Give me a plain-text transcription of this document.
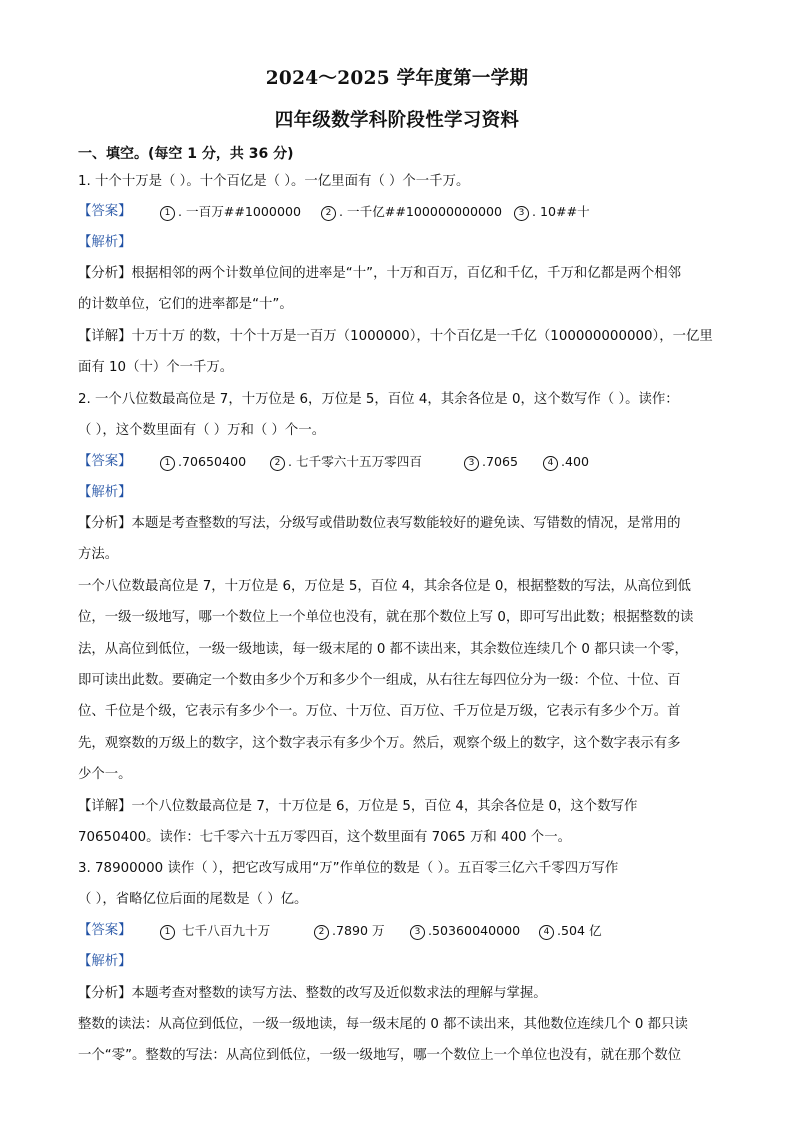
2024～2025 学年度第一学期
四年级数学科阶段性学习资料
一、填空。(每空 1 分，共 36 分)
1. 十个十万是（ ）。十个百亿是（ ）。一亿里面有（ ）个一千万。
【答案】	1 . 一百万##1000000	2 . 一千亿##100000000000	3 . 10##十
【解析】
【分析】根据相邻的两个计数单位间的进率是“十”，十万和百万，百亿和千亿，千万和亿都是两个相邻
的计数单位，它们的进率都是“十”。
【详解】十万十万 的数，十个十万是一百万（1000000），十个百亿是一千亿（100000000000），一亿里
面有 10（十）个一千万。
2. 一个八位数最高位是 7，十万位是 6，万位是 5，百位 4，其余各位是 0，这个数写作（ ）。读作：
（ ），这个数里面有（ ）万和（ ）个一。
【答案】	1 .70650400	2 . 七千零六十五万零四百	3 .7065	4 .400
【解析】
【分析】本题是考查整数的写法，分级写或借助数位表写数能较好的避免读、写错数的情况，是常用的
方法。
一个八位数最高位是 7，十万位是 6，万位是 5，百位 4，其余各位是 0，根据整数的写法，从高位到低
位，一级一级地写，哪一个数位上一个单位也没有，就在那个数位上写 0，即可写出此数；根据整数的读
法，从高位到低位，一级一级地读，每一级末尾的 0 都不读出来，其余数位连续几个 0 都只读一个零，
即可读出此数。要确定一个数由多少个万和多少个一组成，从右往左每四位分为一级：个位、十位、百
位、千位是个级，它表示有多少个一。万位、十万位、百万位、千万位是万级，它表示有多少个万。首
先，观察数的万级上的数字，这个数字表示有多少个万。然后，观察个级上的数字，这个数字表示有多
少个一。
【详解】一个八位数最高位是 7，十万位是 6，万位是 5，百位 4，其余各位是 0，这个数写作
70650400。读作：七千零六十五万零四百，这个数里面有 7065 万和 400 个一。
3. 78900000 读作（ ），把它改写成用“万”作单位的数是（ ）。五百零三亿六千零四万写作
（ ），省略亿位后面的尾数是（ ）亿。
【答案】	1 七千八百九十万	2 .7890 万	3 .50360040000	4 .504 亿
【解析】
【分析】本题考查对整数的读写方法、整数的改写及近似数求法的理解与掌握。
整数的读法：从高位到低位，一级一级地读，每一级末尾的 0 都不读出来，其他数位连续几个 0 都只读
一个“零”。整数的写法：从高位到低位，一级一级地写，哪一个数位上一个单位也没有，就在那个数位
